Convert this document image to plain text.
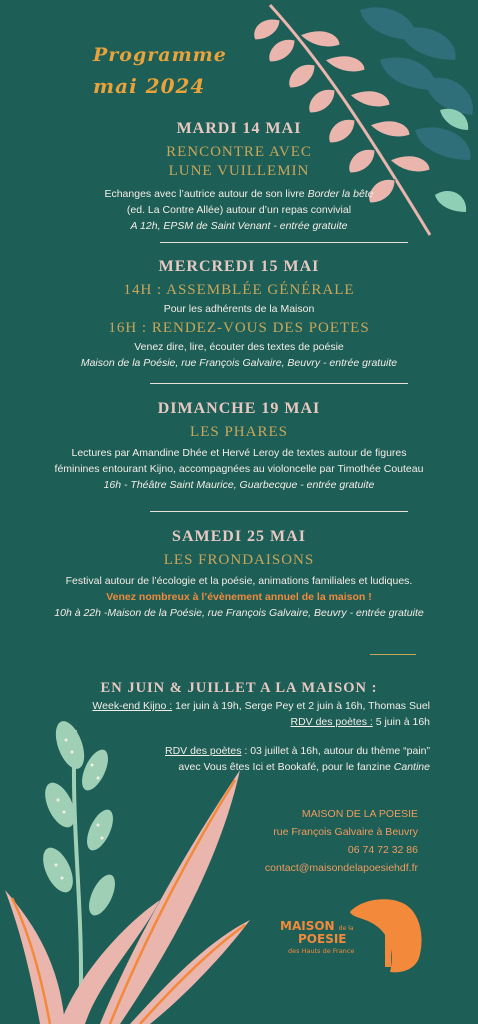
Programme
mai 2024
MARDI 14 MAI
RENCONTRE AVEC
LUNE VUILLEMIN
Echanges avec l’autrice autour de son livre Border la bête
(ed. La Contre Allée) autour d’un repas convivial
A 12h, EPSM de Saint Venant - entrée gratuite
MERCREDI 15 MAI
14H : ASSEMBLÉE GÉNÉRALE
Pour les adhérents de la Maison
16H : RENDEZ-VOUS DES POETES
Venez dire, lire, écouter des textes de poésie
Maison de la Poésie, rue François Galvaire, Beuvry - entrée gratuite
DIMANCHE 19 MAI
LES PHARES
Lectures par Amandine Dhée et Hervé Leroy de textes autour de figures
féminines entourant Kijno, accompagnées au violoncelle par Timothée Couteau
16h - Théâtre Saint Maurice, Guarbecque - entrée gratuite
SAMEDI 25 MAI
LES FRONDAISONS
Festival autour de l’écologie et la poésie, animations familiales et ludiques.
Venez nombreux à l’évènement annuel de la maison !
10h à 22h -Maison de la Poésie, rue François Galvaire, Beuvry - entrée gratuite
EN JUIN & JUILLET A LA MAISON :
Week-end Kijno : 1er juin à 19h, Serge Pey et 2 juin à 16h, Thomas Suel
RDV des poètes : 5 juin à 16h
RDV des poètes : 03 juillet à 16h, autour du thème “pain”
avec Vous êtes Ici et Bookafé, pour le fanzine Cantine
MAISON DE LA POESIE
rue François Galvaire à Beuvry
06 74 72 32 86
contact@maisondelapoesiehdf.fr
MAISON de la
POESIE
des Hauts de France
